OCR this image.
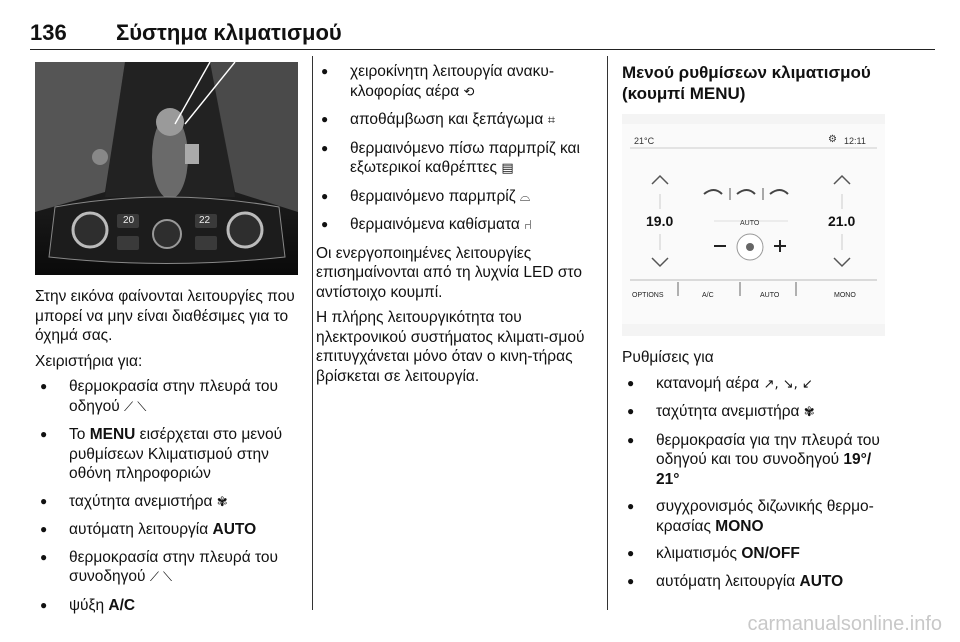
136 Σύστημα κλιματισμού
20	22

Στην εικόνα φαίνονται λειτουργίες που μπορεί να μην είναι διαθέσιμες για το όχημά σας.

Χειριστήρια για:

● θερμοκρασία στην πλευρά του οδηγού ⟋ ⟍
● Το MENU εισέρχεται στο μενού ρυθμίσεων Κλιματισμού στην οθόνη πληροφοριών
● ταχύτητα ανεμιστήρα ✾
● αυτόματη λειτουργία AUTO
● θερμοκρασία στην πλευρά του συνοδηγού ⟋ ⟍
● ψύξη A/C
● χειροκίνητη λειτουργία ανακυ-κλοφορίας αέρα ⟲
● αποθάμβωση και ξεπάγωμα ⌗
● θερμαινόμενο πίσω παρμπρίζ και εξωτερικοί καθρέπτες ▤
● θερμαινόμενο παρμπρίζ ⌓
● θερμαινόμενα καθίσματα ⑁

Οι ενεργοποιημένες λειτουργίες επισημαίνονται από τη λυχνία LED στο αντίστοιχο κουμπί.

Η πλήρης λειτουργικότητα του ηλεκτρονικού συστήματος κλιματι-σμού επιτυγχάνεται μόνο όταν ο κινη-τήρας βρίσκεται σε λειτουργία.

Μενού ρυθμίσεων κλιματισμού (κουμπί MENU)
21°C	⚙ 12:11
19.0	21.0
AUTO
OPTIONS	A/C	AUTO	MONO

Ρυθμίσεις για

● κατανομή αέρα ↗, ↘, ↙
● ταχύτητα ανεμιστήρα ✾
● θερμοκρασία για την πλευρά του οδηγού και του συνοδηγού 19°/ 21°
● συγχρονισμός διζωνικής θερμο-κρασίας MONO
● κλιματισμός ON/OFF
● αυτόματη λειτουργία AUTO
carmanualsonline.info
